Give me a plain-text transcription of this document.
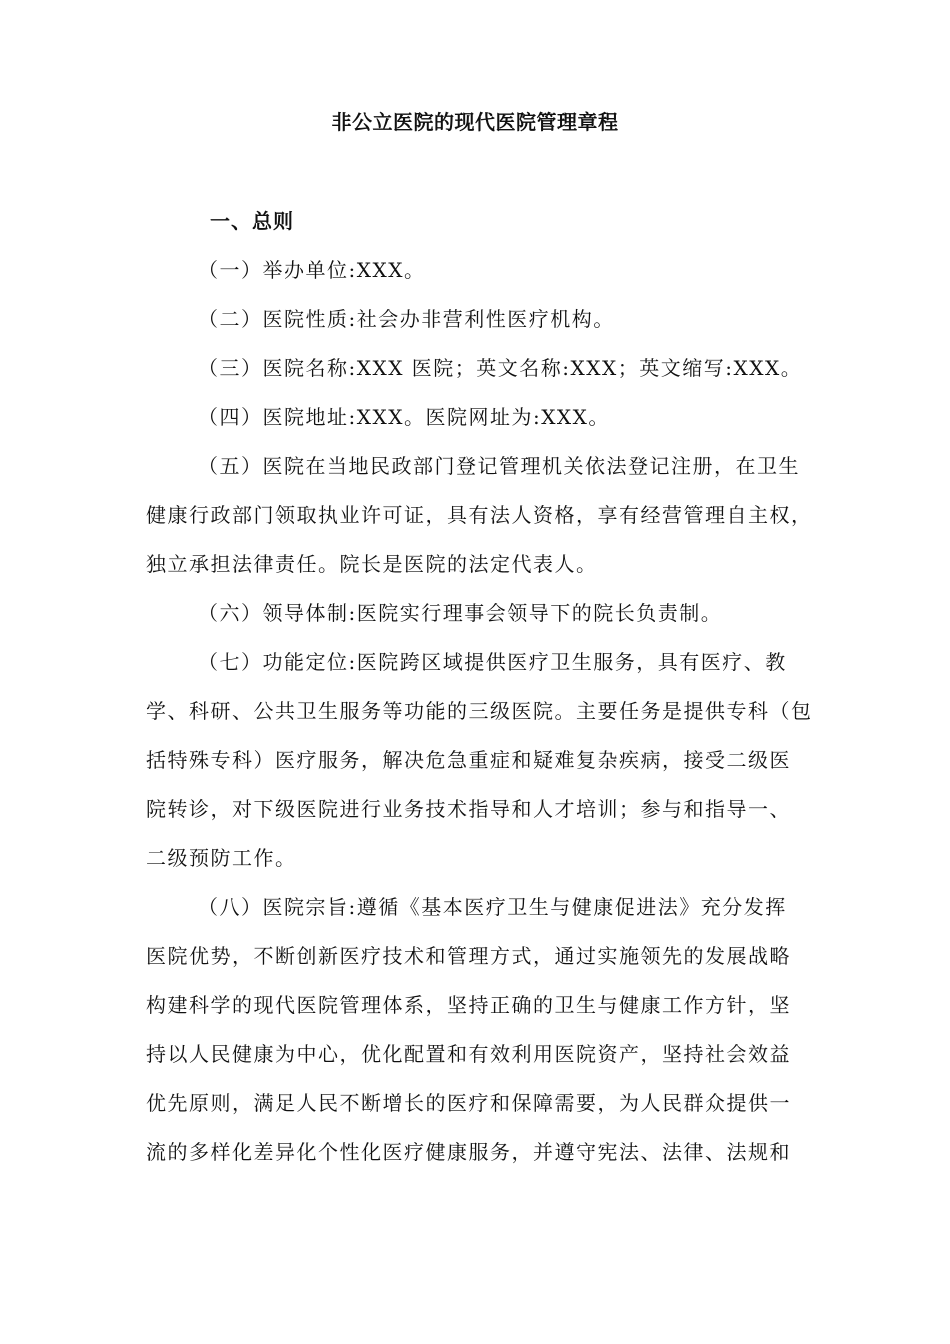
非公立医院的现代医院管理章程
一、总则
（一）举办单位:XXX。
（二）医院性质:社会办非营利性医疗机构。
（三）医院名称:XXX 医院；英文名称:XXX；英文缩写:XXX。
（四）医院地址:XXX。医院网址为:XXX。
（五）医院在当地民政部门登记管理机关依法登记注册，在卫生
健康行政部门领取执业许可证，具有法人资格，享有经营管理自主权，
独立承担法律责任。院长是医院的法定代表人。
（六）领导体制:医院实行理事会领导下的院长负责制。
（七）功能定位:医院跨区域提供医疗卫生服务，具有医疗、教
学、科研、公共卫生服务等功能的三级医院。主要任务是提供专科（包
括特殊专科）医疗服务，解决危急重症和疑难复杂疾病，接受二级医
院转诊，对下级医院进行业务技术指导和人才培训；参与和指导一、
二级预防工作。
（八）医院宗旨:遵循《基本医疗卫生与健康促进法》充分发挥
医院优势，不断创新医疗技术和管理方式，通过实施领先的发展战略
构建科学的现代医院管理体系，坚持正确的卫生与健康工作方针，坚
持以人民健康为中心，优化配置和有效利用医院资产，坚持社会效益
优先原则，满足人民不断增长的医疗和保障需要，为人民群众提供一
流的多样化差异化个性化医疗健康服务，并遵守宪法、法律、法规和
